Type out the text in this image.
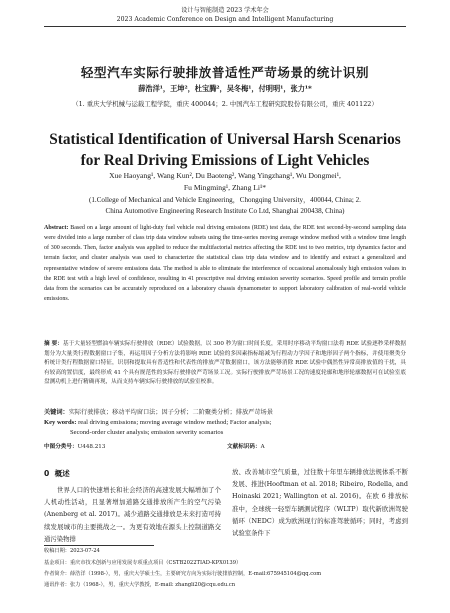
设计与智能制造 2023 学术年会
2023 Academic Conference on Design and Intelligent Manufacturing
轻型汽车实际行驶排放普适性严苛场景的统计识别
薛浩洋¹，王坤²，杜宝腾²，吴冬梅¹，付明明¹，张力¹*
（1. 重庆大学机械与运载工程学院，重庆 400044；2. 中国汽车工程研究院股份有限公司，重庆 401122）
Statistical Identification of Universal Harsh Scenarios
for Real Driving Emissions of Light Vehicles
Xue Haoyang¹, Wang Kun², Du Baoteng², Wang Yingzhang¹, Wu Dongmei¹,
Fu Mingming¹, Zhang Li¹*
(1.College of Mechanical and Vehicle Engineering，Chongqing University，400044, China; 2.
China Automotive Engineering Research Institute Co Ltd, Shanghai 200438, China)
Abstract: Based on a large amount of light-duty fuel vehicle real driving emissions (RDE) test data, the RDE test second-by-second sampling data were divided into a large number of class trip data window subsets using the time-series moving average window method with a window time length of 300 seconds. Then, factor analysis was applied to reduce the multifactorial metrics affecting the RDE test to two metrics, trip dynamics factor and terrain factor, and cluster analysis was used to characterize the statistical class trip data window and to identify and extract a generalized and representative window of severe emissions data. The method is able to eliminate the interference of occasional anomalously high emission values in the RDE test with a high level of confidence, resulting in 41 prescriptive real driving emission severity scenarios. Speed profile and terrain profile data from the scenarios can be accurately reproduced on a laboratory chassis dynamometer to support laboratory calibration of real-world vehicle emissions.
摘 要：基于大量轻型燃油车辆实际行驶排放（RDE）试验数据，以 300 秒为窗口时间长度，采用时序移动平均窗口法将 RDE 试验逐秒采样数据划分为大量类行程数据窗口子集，再运用因子分析方法将影响 RDE 试验的多因素指标缩减为行程动力学因子和地形因子两个指标，并使用聚类分析统计类行程数据窗口特征，识别和提取具有普适性和代表性的排放严苛数据窗口，该方法能够消除 RDE 试验中偶然性异常高排放值的干扰，具有较高的置信度，最终形成 41 个具有规范性的实际行驶排放严苛场景工况。实际行驶排放严苛场景工况的速度轮廓和地形轮廓数据可在试验室底盘测功机上进行精确再现，从而支持车辆实际行驶排放的试验室校准。
关键词：实际行驶排放；移动平均窗口法；因子分析；二阶聚类分析；排放严苛场景
Key words: real driving emissions; moving average window method; Factor analysis;
Second-order cluster analysis; emission severity scenarios
中图分类号：U448.213	文献标识码：A
0 概述
世界人口的快速增长和社会经济的高速发展大幅增加了个人机动性活动，且显著增加道路交通排放所产生的空气污染(Anenberg et al. 2017)。减少道路交通排放是未来打造可持续发展城市的主要挑战之一。为更有效地在源头上控制道路交通污染物排
放、改善城市空气质量，过往数十年里车辆排放法规体系不断发展、推进(Hooftman et al. 2018; Ribeiro, Rodella, and Hoinaski 2021; Wallington et al. 2016)。在欧 6 排放标准中，全球统一轻型车辆测试程序（WLTP）取代新欧洲驾驶循环（NEDC）成为欧洲现行的标准驾驶循环；同时，考虑到试验室条件下
收稿日期：2023-07-24
基金项目：重庆市技术创新与应用发展专项重点项目（CSTB2022TIAD-KPX0139）
作者简介：薛浩洋（1998-），男，重庆大学硕士生，主要研究方向为实际行驶排放控制，E-mail:675945104@qq.com
通讯作者：张力（1968-），男，重庆大学教授，E-mail: zhangli20@cqu.edu.cn
